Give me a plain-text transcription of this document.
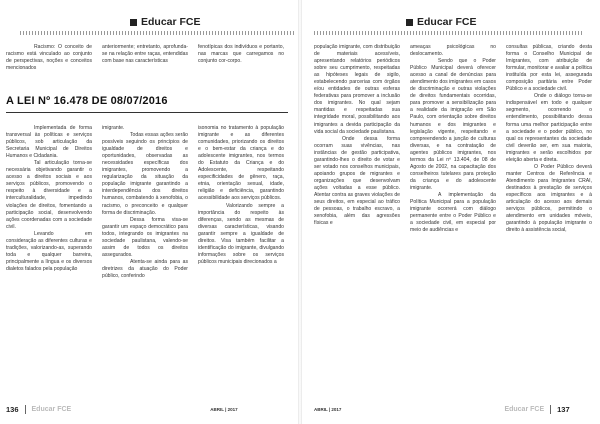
Educar FCE

Racismo: O conceito de racismo está vinculado ao conjunto de perspectivas, noções e conceitos mencionados

anteriormente; entretanto, aprofunda-se na relação entre raças, entendidas com base nas características

fenotípicas dos indivíduos e portanto, nas marcas que carregamos no conjunto cor-corpo.

A LEI Nº 16.478 DE 08/07/2016

Implementada de forma transversal às políticas e serviços públicos, sob articulação da Secretaria Municipal de Direitos Humanos e Cidadania.

Tal articulação torna-se necessária objetivando garantir o acesso a direitos sociais e aos serviços públicos, promovendo o respeito à diversidade e a interculturalidade, impedindo violações de direitos, fomentando a participação social, desenvolvendo ações coordenadas com a sociedade civil.

Levando em consideração as diferentes culturas e tradições, valorizando-as, superando toda e qualquer barreira, principalmente a língua e os diversos dialetos falados pela população

imigrante.

Todas essas ações serão possíveis seguindo os princípios de igualdade de direitos e oportunidades, observadas as necessidades específicas dos imigrantes, promovendo a regularização da situação da população imigrante garantindo a interdependência dos direitos humanos, combatendo à xenofobia, o racismo, o preconceito e qualquer forma de discriminação.

Dessa forma visa-se garantir um espaço democrático para todos, integrando os imigrantes na sociedade paulistana, valendo-se assim de todos os direitos assegurados.

Atenta-se ainda para as diretrizes da atuação do Poder público, conferindo

isonomia no tratamento à população imigrante e as diferentes comunidades, priorizando os direitos e o bem-estar da criança e do adolescente imigrantes, nos termos do Estatuto da Criança e do Adolescente, respeitando especificidades de gênero, raça, etnia, orientação sexual, idade, religião e deficiência, garantindo acessibilidade aos serviços públicos.

Valorizando sempre a importância do respeito às diferenças, sendo as mesmas de diversas características, visando garantir sempre a igualdade de direitos. Visa também facilitar a identificação do imigrante, divulgando informações sobre os serviços públicos municipais direcionados a

136 Educar FCE	ABRIL | 2017
Educar FCE

população imigrante, com distribuição de materiais acessíveis, apresentando relatórios periódicos sobre seu cumprimento, respeitadas as hipóteses legais de sigilo, estabelecendo parcerias com órgãos e/ou entidades de outras esferas federativas para promover a inclusão dos imigrantes. No qual sejam mantidas e respeitadas sua integridade moral, possibilitando aos imigrantes a devida participação da vida social da sociedade paulistana.

Onde dessa forma ocorram suas vivências, nas instâncias de gestão participativa, garantindo-lhes o direito de votar e ser votado nos conselhos municipais, apoiando grupos de migrantes e organizações que desenvolvam ações voltadas a esse público. Atentar contra as graves violações de seus direitos, em especial ao tráfico de pessoas, o trabalho escravo, a xenofobia, além das agressões físicas e

ameaças psicológicas no deslocamento.

Sendo que o Poder Público Municipal deverá oferecer acesso a canal de denúncias para atendimento dos imigrantes em casos de discriminação e outras violações de direitos fundamentais ocorridas, para promover a sensibilização para a realidade da imigração em São Paulo, com orientação sobre direitos humanos e dos imigrantes e legislação vigente, respeitando e compreendendo a junção de culturas diversas, e na contratação de agentes públicos imigrantes, nos termos da Lei nº 13.404, de 08 de Agosto de 2002, na capacitação dos conselheiros tutelares para proteção da criança e do adolescente imigrante.

A implementação da Política Municipal para a população imigrante ocorrerá com diálogo permanente entre o Poder Público e a sociedade civil, em especial por meio de audiências e

consultas públicas, criando desta forma o Conselho Municipal de Imigrantes, com atribuição de formular, monitorar e avaliar a política instituída por esta lei, assegurada composição paritária entre Poder Público e a sociedade civil.

Onde o diálogo torna-se indispensável em todo e qualquer segmento, ocorrendo o entendimento, possibilitando dessa forma uma melhor participação entre a sociedade e o poder público, no qual os representantes da sociedade civil deverão ser, em sua maioria, imigrantes e serão escolhidos por eleição aberta e direta.

O Poder Público deverá manter Centros de Referência e Atendimento para Imigrantes CRAI, destinados à prestação de serviços específicos aos imigrantes e à articulação do acesso aos demais serviços públicos, permitindo o atendimento em unidades móveis, garantindo à população imigrante o direito à assistência social,

ABRIL | 2017	Educar FCE 137
